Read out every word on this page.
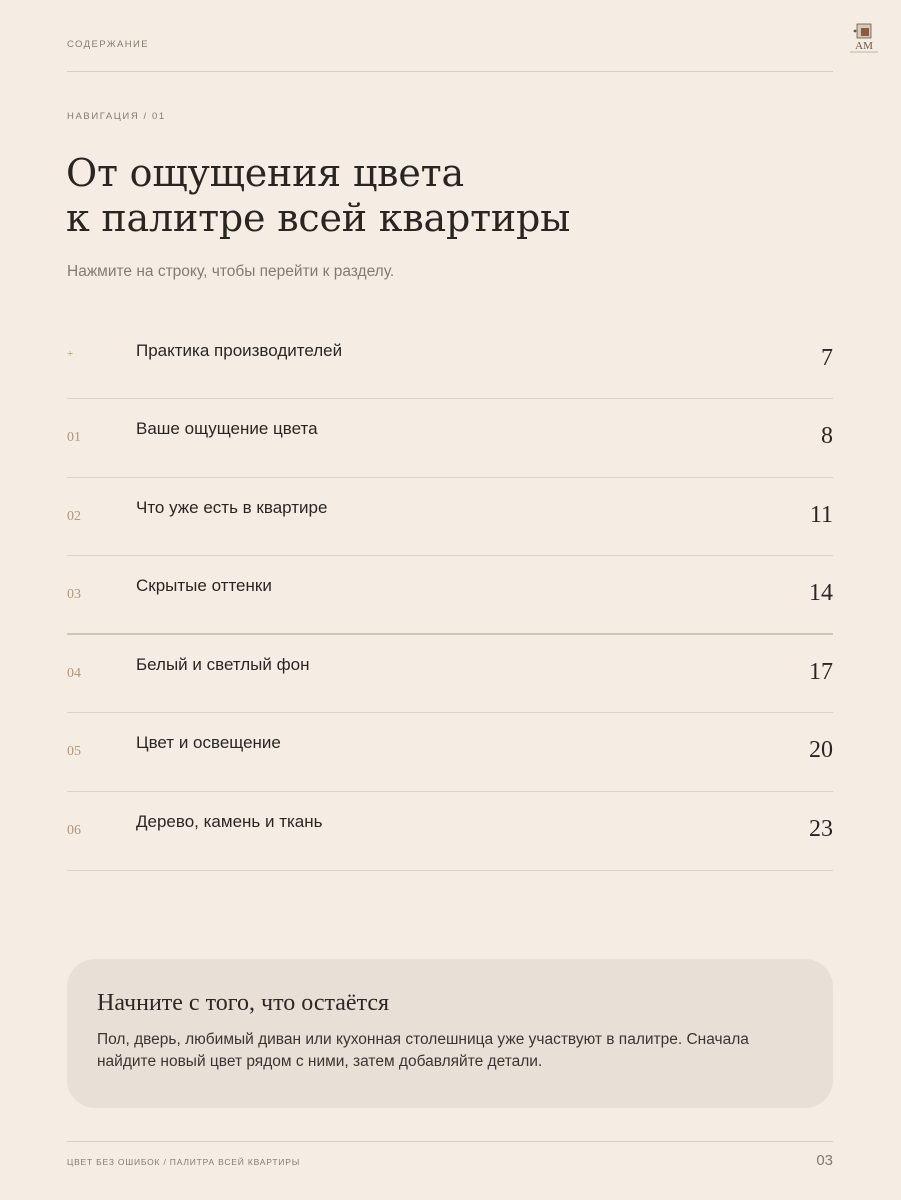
СОДЕРЖАНИЕ	AM
НАВИГАЦИЯ / 01
От ощущения цвета
к палитре всей квартиры
Нажмите на строку, чтобы перейти к разделу.
+	Практика производителей	7
01	Ваше ощущение цвета	8
02	Что уже есть в квартире	11
03	Скрытые оттенки	14
04	Белый и светлый фон	17
05	Цвет и освещение	20
06	Дерево, камень и ткань	23
Начните с того, что остаётся
Пол, дверь, любимый диван или кухонная столешница уже участвуют в палитре. Сначала найдите новый цвет рядом с ними, затем добавляйте детали.
ЦВЕТ БЕЗ ОШИБОК / ПАЛИТРА ВСЕЙ КВАРТИРЫ	03
